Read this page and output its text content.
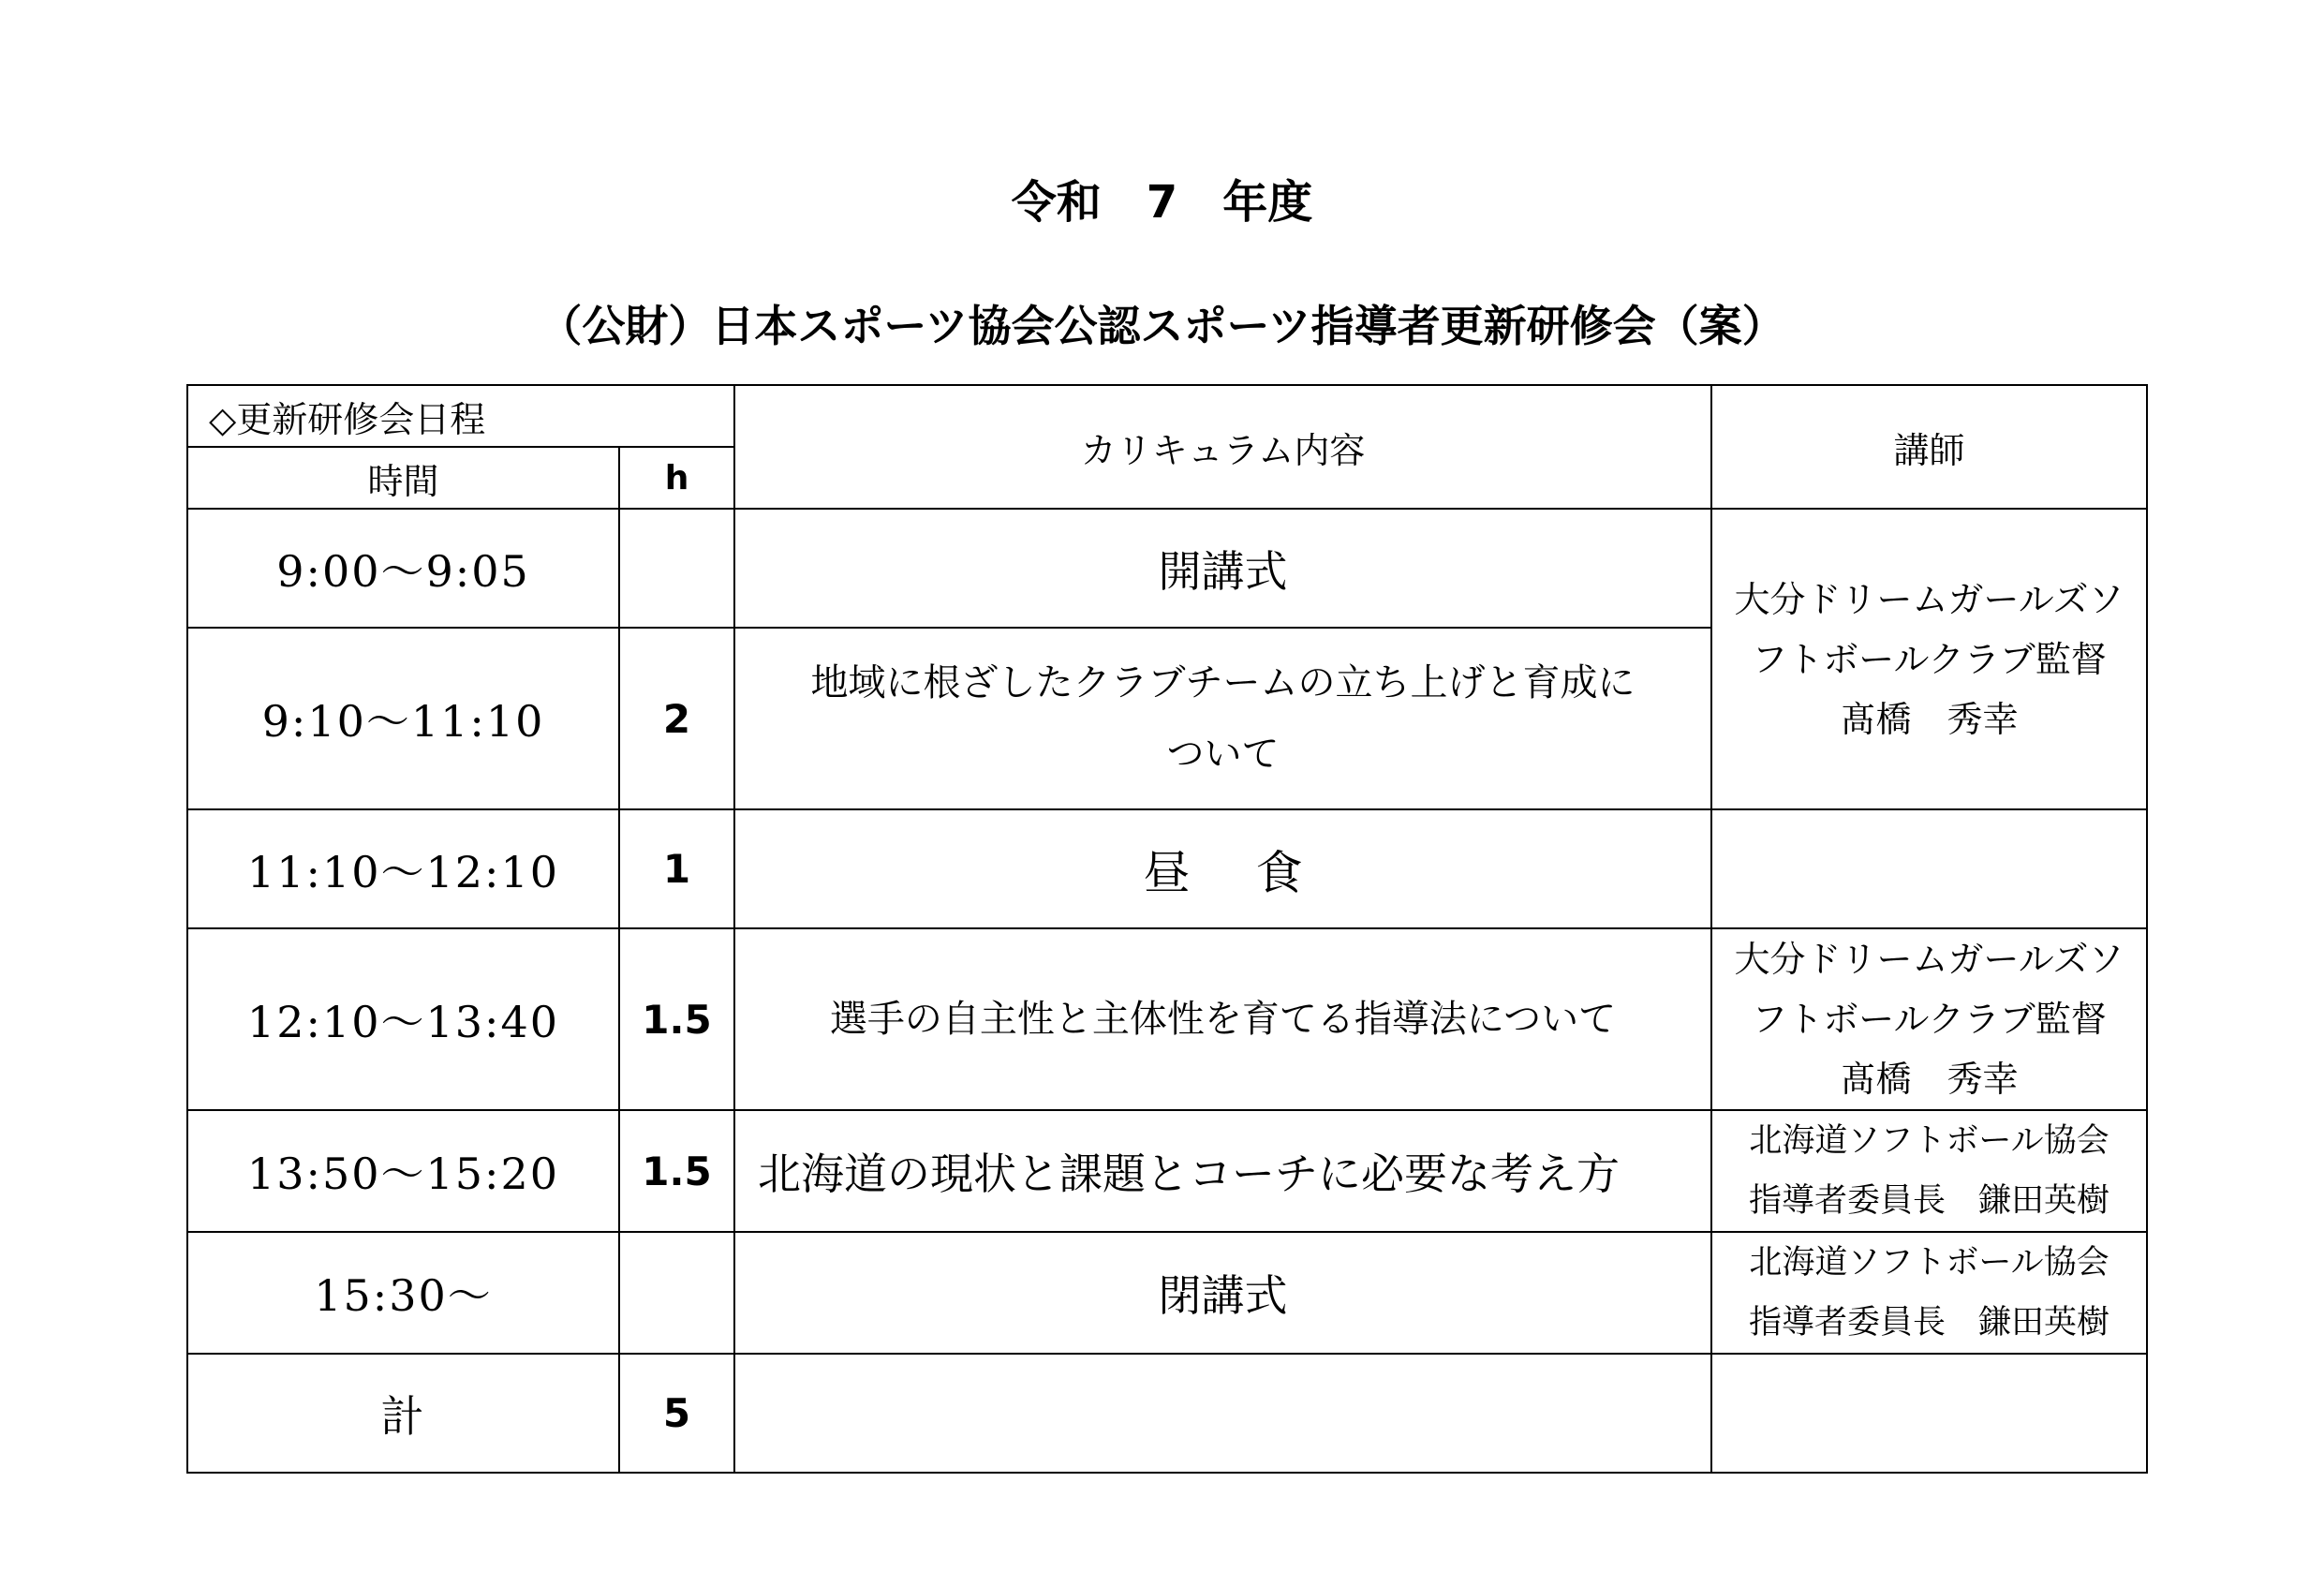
令和　7　年度
（公財）日本スポーツ協会公認スポーツ指導者更新研修会（案）
◇更新研修会日程		カリキュラム内容	講師
時間	h		
9:00〜9:05		開講式	大分ドリームガールズソ
フトボールクラブ監督
髙橋　秀幸

9:10〜11:10	2	地域に根ざしたクラブチームの立ち上げと育成に
ついて	

11:10〜12:10	1	昼食	
12:10〜13:40	1.5	選手の自主性と主体性を育てる指導法について	大分ドリームガールズソ
フトボールクラブ監督
髙橋　秀幸

13:50〜15:20	1.5	北海道の現状と課題とコーチに必要な考え方	北海道ソフトボール協会
指導者委員長　鎌田英樹

15:30〜		閉講式	北海道ソフトボール協会
指導者委員長　鎌田英樹

計	5		
